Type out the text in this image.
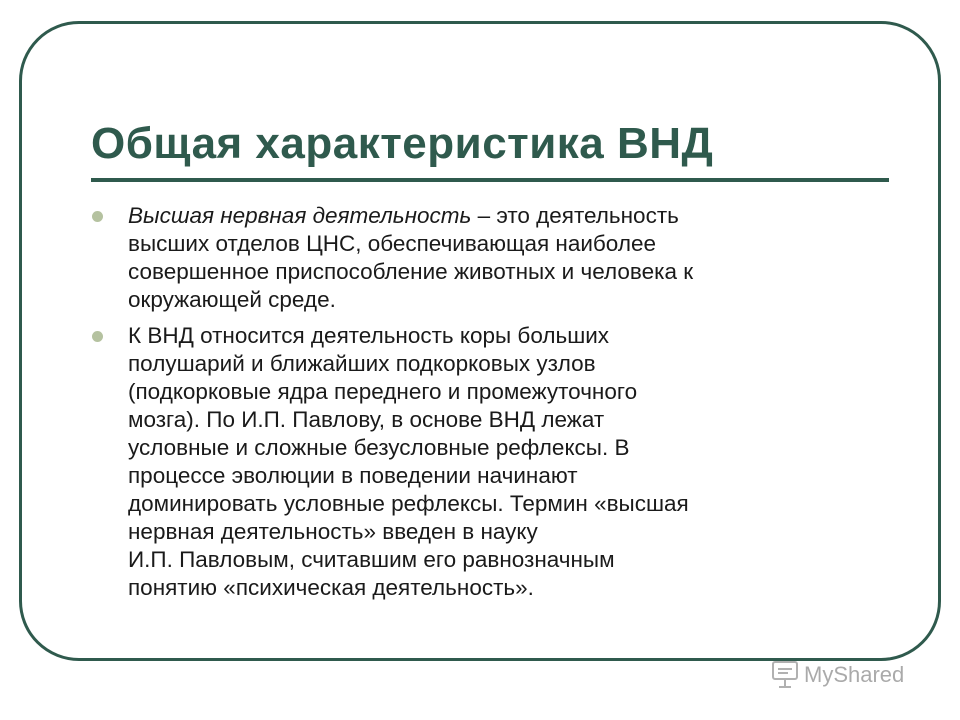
Общая характеристика ВНД
Высшая нервная деятельность – это деятельность
высших отделов ЦНС, обеспечивающая наиболее
совершенное приспособление животных и человека к
окружающей среде.
К ВНД относится деятельность коры больших
полушарий и ближайших подкорковых узлов
(подкорковые ядра переднего и промежуточного
мозга). По И.П. Павлову, в основе ВНД лежат
условные и сложные безусловные рефлексы. В
процессе эволюции в поведении начинают
доминировать условные рефлексы. Термин «высшая
нервная деятельность» введен в науку
И.П. Павловым, считавшим его равнозначным
понятию «психическая деятельность».
MyShared
